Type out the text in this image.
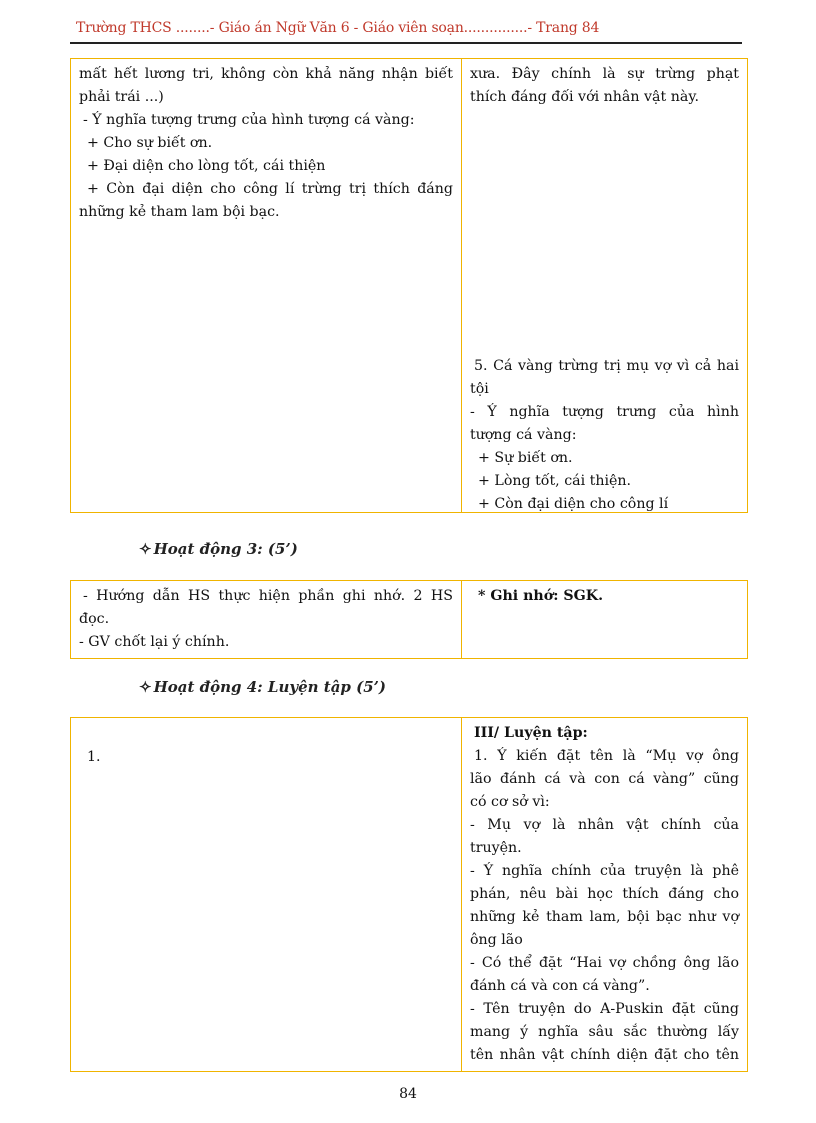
Trường THCS ........- Giáo án Ngữ Văn 6 - Giáo viên soạn...............- Trang 84
mất hết lương tri, không còn khả năng nhận biết
phải trái ...)
- Ý nghĩa tượng trưng của hình tượng cá vàng:
+ Cho sự biết ơn.
+ Đại diện cho lòng tốt, cái thiện
+ Còn đại diện cho công lí trừng trị thích đáng
những kẻ tham lam bội bạc.

xưa. Đây chính là sự trừng phạt
thích đáng đối với nhân vật này.
5. Cá vàng trừng trị mụ vợ vì cả hai
tội
- Ý nghĩa tượng trưng của hình
tượng cá vàng:
+ Sự biết ơn.
+ Lòng tốt, cái thiện.
+ Còn đại diện cho công lí
✧ Hoạt động 3: (5’)
- Hướng dẫn HS thực hiện phần ghi nhớ. 2 HS
đọc.
- GV chốt lại ý chính.

* Ghi nhớ: SGK.
✧ Hoạt động 4: Luyện tập (5’)
1.

III/ Luyện tập:
1. Ý kiến đặt tên là “Mụ vợ ông
lão đánh cá và con cá vàng” cũng
có cơ sở vì:
- Mụ vợ là nhân vật chính của
truyện.
- Ý nghĩa chính của truyện là phê
phán, nêu bài học thích đáng cho
những kẻ tham lam, bội bạc như vợ
ông lão
- Có thể đặt “Hai vợ chồng ông lão
đánh cá và con cá vàng”.
- Tên truyện do A-Puskin đặt cũng
mang ý nghĩa sâu sắc thường lấy
tên nhân vật chính diện đặt cho tên
84
